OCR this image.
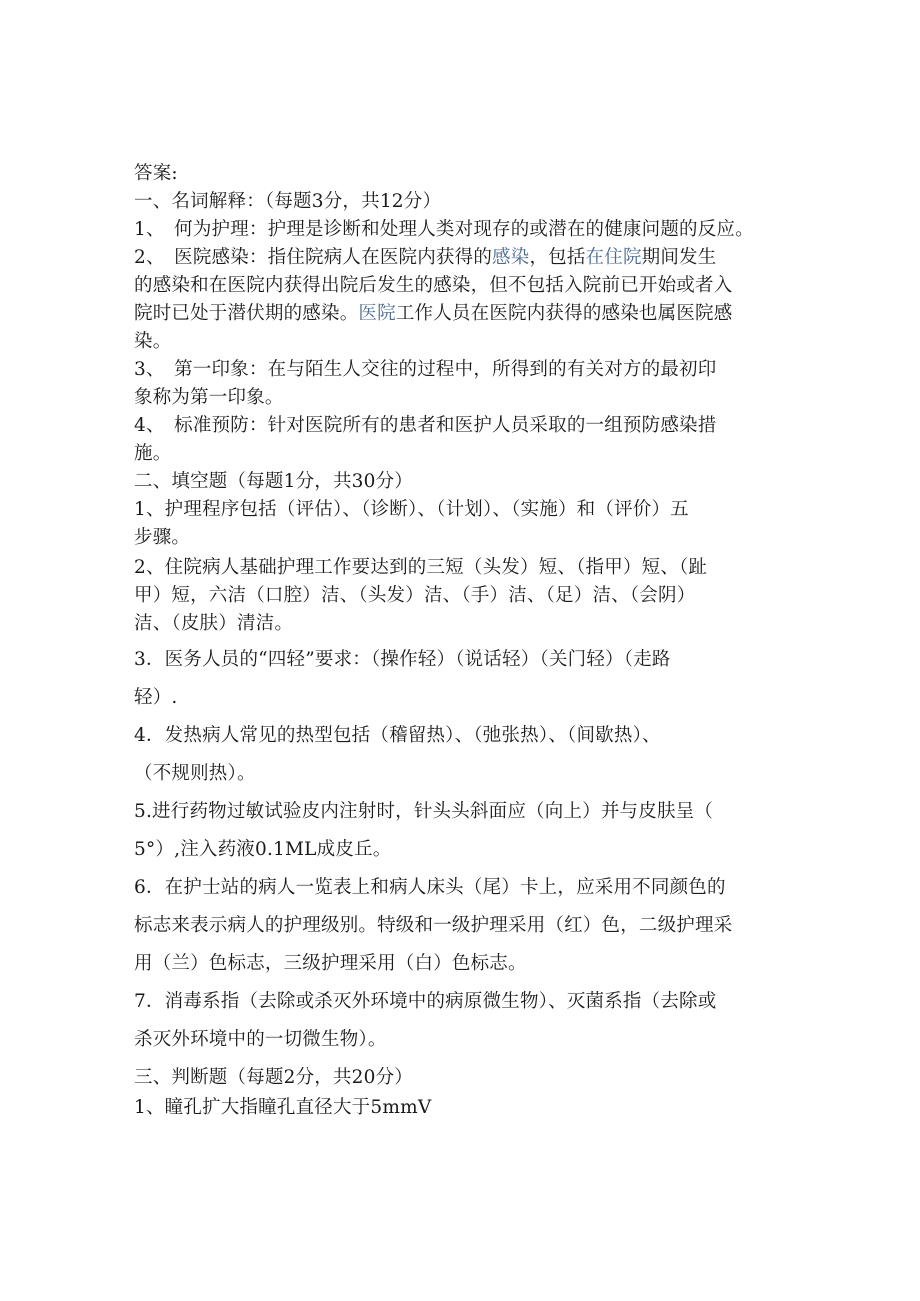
答案:
一、名词解释：（每题3分，共12分）
1、　何为护理：护理是诊断和处理人类对现存的或潜在的健康问题的反应。
2、　医院感染：指住院病人在医院内获得的感染，包括在住院期间发生
的感染和在医院内获得出院后发生的感染，但不包括入院前已开始或者入
院时已处于潜伏期的感染。医院工作人员在医院内获得的感染也属医院感
染。
3、　第一印象：在与陌生人交往的过程中，所得到的有关对方的最初印
象称为第一印象。
4、　标准预防：针对医院所有的患者和医护人员采取的一组预防感染措
施。
二、填空题（每题1分，共30分）
1、护理程序包括（评估）、（诊断）、（计划）、（实施）和（评价）五
步骤。
2、住院病人基础护理工作要达到的三短（头发）短、（指甲）短、（趾
甲）短，六洁（口腔）洁、（头发）洁、（手）洁、（足）洁、（会阴）
洁、（皮肤）清洁。
3．医务人员的“四轻”要求：（操作轻）（说话轻）（关门轻）（走路
轻）.
4．发热病人常见的热型包括（稽留热）、（弛张热）、（间歇热）、
（不规则热）。
5.进行药物过敏试验皮内注射时，针头头斜面应（向上）并与皮肤呈（
5°）,注入药液0.1ML成皮丘。
6．在护士站的病人一览表上和病人床头（尾）卡上，应采用不同颜色的
标志来表示病人的护理级别。特级和一级护理采用（红）色，二级护理采
用（兰）色标志，三级护理采用（白）色标志。
7．消毒系指（去除或杀灭外环境中的病原微生物）、灭菌系指（去除或
杀灭外环境中的一切微生物）。
三、判断题（每题2分，共20分）
1、瞳孔扩大指瞳孔直径大于5mmV
